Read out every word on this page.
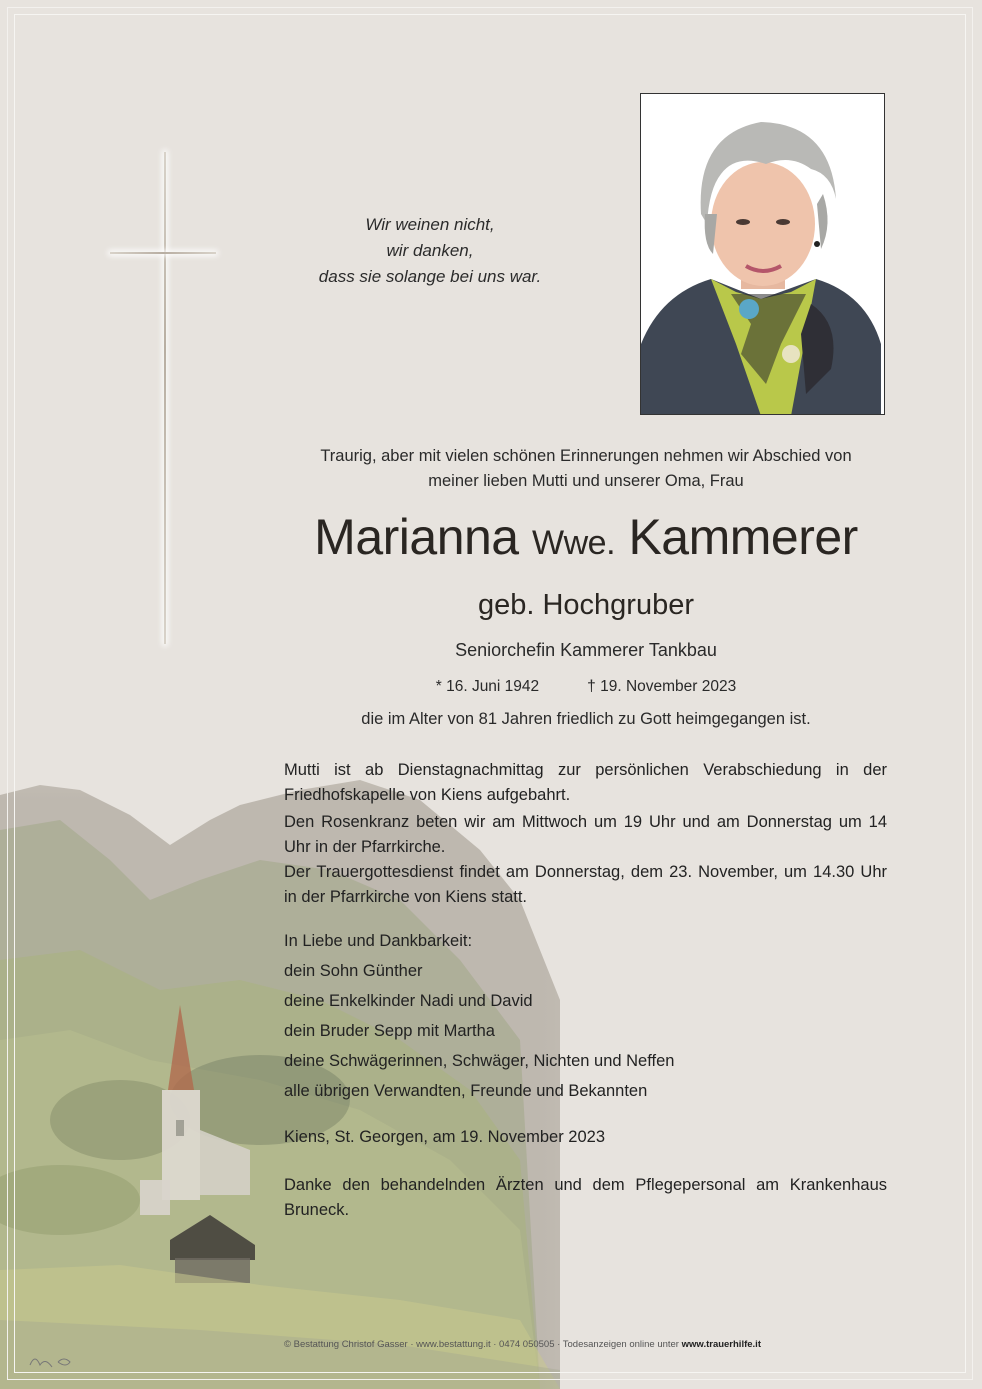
Wir weinen nicht,
wir danken,
dass sie solange bei uns war.
Traurig, aber mit vielen schönen Erinnerungen nehmen wir Abschied von
meiner lieben Mutti und unserer Oma, Frau
Marianna Wwe. Kammerer
geb. Hochgruber
Seniorchefin Kammerer Tankbau
* 16. Juni 1942	† 19. November 2023
die im Alter von 81 Jahren friedlich zu Gott heimgegangen ist.
Mutti ist ab Dienstagnachmittag zur persönlichen Verabschiedung in der Friedhofskapelle von Kiens aufgebahrt.
Den Rosenkranz beten wir am Mittwoch um 19 Uhr und am Donnerstag um 14 Uhr in der Pfarrkirche.
Der Trauergottesdienst findet am Donnerstag, dem 23. November, um 14.30 Uhr in der Pfarrkirche von Kiens statt.
In Liebe und Dankbarkeit:
dein Sohn Günther
deine Enkelkinder Nadi und David
dein Bruder Sepp mit Martha
deine Schwägerinnen, Schwäger, Nichten und Neffen
alle übrigen Verwandten, Freunde und Bekannten
Kiens, St. Georgen, am 19. November 2023
Danke den behandelnden Ärzten und dem Pflegepersonal am Krankenhaus Bruneck.
© Bestattung Christof Gasser · www.bestattung.it · 0474 050505 · Todesanzeigen online unter www.trauerhilfe.it
